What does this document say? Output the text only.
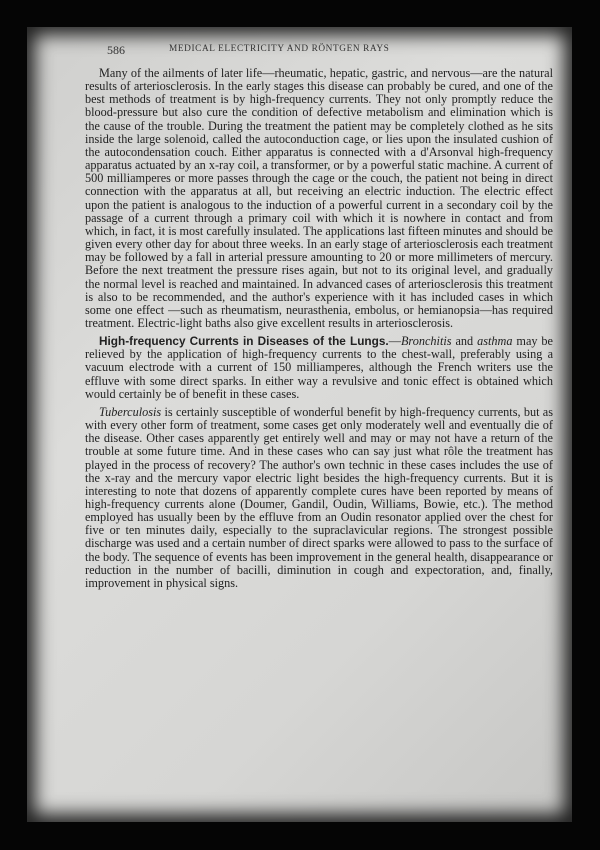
586	MEDICAL ELECTRICITY AND RÖNTGEN RAYS

Many of the ailments of later life—rheumatic, hepatic, gastric, and nervous—are the natural results of arteriosclerosis. In the early stages this disease can probably be cured, and one of the best methods of treatment is by high-frequency currents. They not only promptly reduce the blood-pressure but also cure the condition of defective metabolism and elimination which is the cause of the trouble. During the treatment the patient may be completely clothed as he sits inside the large solenoid, called the autoconduction cage, or lies upon the insulated cushion of the autocondensation couch. Either apparatus is connected with a d'Arsonval high-frequency apparatus actuated by an x-ray coil, a transformer, or by a powerful static machine. A current of 500 milliamperes or more passes through the cage or the couch, the patient not being in direct connection with the apparatus at all, but receiving an electric induction. The electric effect upon the patient is analogous to the induction of a powerful current in a secondary coil by the passage of a current through a primary coil with which it is nowhere in contact and from which, in fact, it is most carefully insulated. The applications last fifteen minutes and should be given every other day for about three weeks. In an early stage of arteriosclerosis each treatment may be followed by a fall in arterial pressure amounting to 20 or more millimeters of mercury. Before the next treatment the pressure rises again, but not to its original level, and gradually the normal level is reached and maintained. In advanced cases of arteriosclerosis this treatment is also to be recommended, and the author's experience with it has included cases in which some one effect —such as rheumatism, neurasthenia, embolus, or hemianopsia—has required treatment. Electric-light baths also give excellent results in arteriosclerosis.

High-frequency Currents in Diseases of the Lungs.—Bronchitis and asthma may be relieved by the application of high-frequency currents to the chest-wall, preferably using a vacuum electrode with a current of 150 milliamperes, although the French writers use the effluve with some direct sparks. In either way a revulsive and tonic effect is obtained which would certainly be of benefit in these cases.

Tuberculosis is certainly susceptible of wonderful benefit by high-frequency currents, but as with every other form of treatment, some cases get only moderately well and eventually die of the disease. Other cases apparently get entirely well and may or may not have a return of the trouble at some future time. And in these cases who can say just what rôle the treatment has played in the process of recovery? The author's own technic in these cases includes the use of the x-ray and the mercury vapor electric light besides the high-frequency currents. But it is interesting to note that dozens of apparently complete cures have been reported by means of high-frequency currents alone (Doumer, Gandil, Oudin, Williams, Bowie, etc.). The method employed has usually been by the effluve from an Oudin resonator applied over the chest for five or ten minutes daily, especially to the supraclavicular regions. The strongest possible discharge was used and a certain number of direct sparks were allowed to pass to the surface of the body. The sequence of events has been improvement in the general health, disappearance or reduction in the number of bacilli, diminution in cough and expectoration, and, finally, improvement in physical signs.
